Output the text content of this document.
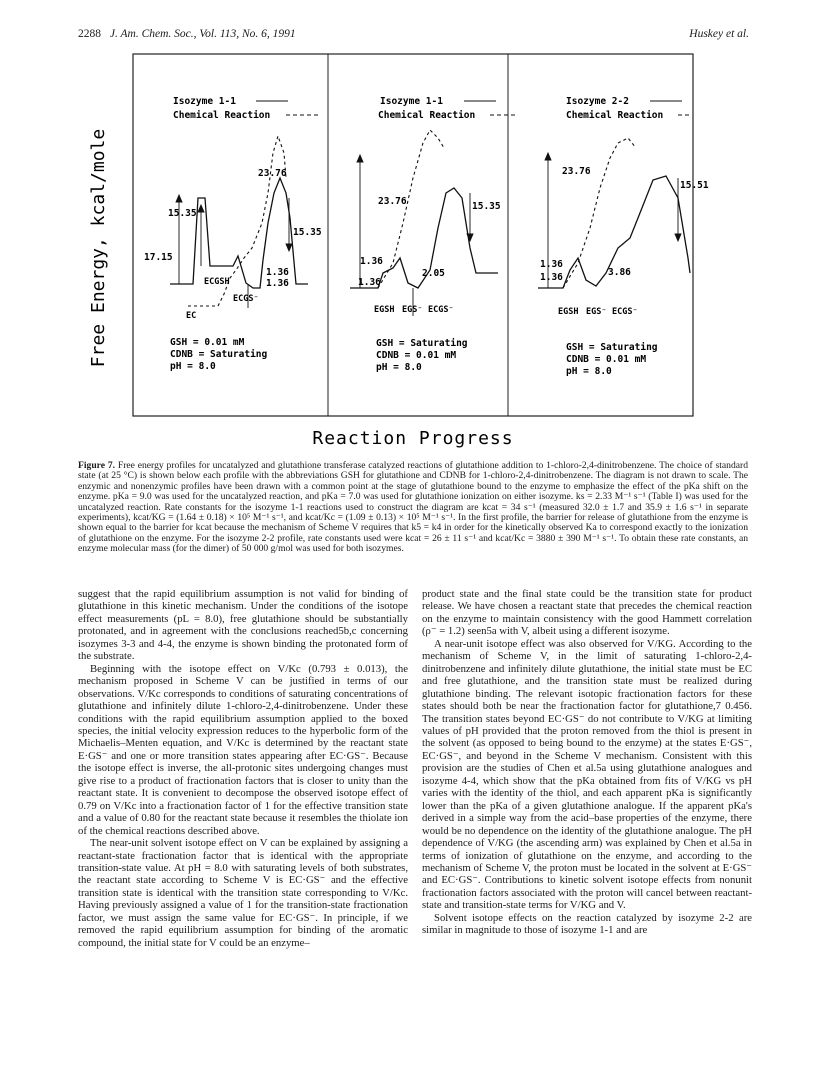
2288 J. Am. Chem. Soc., Vol. 113, No. 6, 1991	Huskey et al.
Free Energy, kcal/mole
Isozyme 1-1
Chemical Reaction
23.76
15.35
15.35
17.15
1.36
1.36
ECGSH
ECGS⁻
EC
GSH = 0.01 mM
CDNB = Saturating
pH = 8.0
Isozyme 1-1
Chemical Reaction
23.76	15.35
1.36
2.05
1.36
EGSH EGS⁻ ECGS⁻
GSH = Saturating
CDNB = 0.01 mM
pH = 8.0
Isozyme 2-2
Chemical Reaction
23.76
15.51
1.36
3.86
1.36
EGSH EGS⁻ ECGS⁻
GSH = Saturating
CDNB = 0.01 mM
pH = 8.0
Reaction Progress
Figure 7. Free energy profiles for uncatalyzed and glutathione transferase catalyzed reactions of glutathione addition to 1-chloro-2,4-dinitrobenzene. The choice of standard state (at 25 °C) is shown below each profile with the abbreviations GSH for glutathione and CDNB for 1-chloro-2,4-dinitrobenzene. The diagram is not drawn to scale. The enzymic and nonenzymic profiles have been drawn with a common point at the stage of glutathione bound to the enzyme to emphasize the effect of the pKa shift on the enzyme. pKa = 9.0 was used for the uncatalyzed reaction, and pKa = 7.0 was used for glutathione ionization on either isozyme. ks = 2.33 M⁻¹ s⁻¹ (Table I) was used for the uncatalyzed reaction. Rate constants for the isozyme 1-1 reactions used to construct the diagram are kcat = 34 s⁻¹ (measured 32.0 ± 1.7 and 35.9 ± 1.6 s⁻¹ in separate experiments), kcat/KG = (1.64 ± 0.18) × 10⁵ M⁻¹ s⁻¹, and kcat/Kc = (1.09 ± 0.13) × 10⁵ M⁻¹ s⁻¹. In the first profile, the barrier for release of glutathione from the enzyme is shown equal to the barrier for kcat because the mechanism of Scheme V requires that k5 = k4 in order for the kinetically observed Ka to correspond exactly to the ionization of glutathione on the enzyme. For the isozyme 2-2 profile, rate constants used were kcat = 26 ± 11 s⁻¹ and kcat/Kc = 3880 ± 390 M⁻¹ s⁻¹. To obtain these rate constants, an enzyme molecular mass (for the dimer) of 50 000 g/mol was used for both isozymes.

suggest that the rapid equilibrium assumption is not valid for binding of glutathione in this kinetic mechanism. Under the conditions of the isotope effect measurements (pL = 8.0), free glutathione should be substantially protonated, and in agreement with the conclusions reached5b,c concerning isozymes 3-3 and 4-4, the enzyme is shown binding the protonated form of the substrate.

Beginning with the isotope effect on V/Kc (0.793 ± 0.013), the mechanism proposed in Scheme V can be justified in terms of our observations. V/Kc corresponds to conditions of saturating concentrations of glutathione and infinitely dilute 1-chloro-2,4-dinitrobenzene. Under these conditions with the rapid equilibrium assumption applied to the boxed species, the initial velocity expression reduces to the hyperbolic form of the Michaelis–Menten equation, and V/Kc is determined by the reactant state E·GS⁻ and one or more transition states appearing after EC·GS⁻. Because the isotope effect is inverse, the all-protonic sites undergoing changes must give rise to a product of fractionation factors that is closer to unity than the reactant state. It is convenient to decompose the observed isotope effect of 0.79 on V/Kc into a fractionation factor of 1 for the effective transition state and a value of 0.80 for the reactant state because it resembles the thiolate ion of the chemical reactions described above.

The near-unit solvent isotope effect on V can be explained by assigning a reactant-state fractionation factor that is identical with the appropriate transition-state value. At pH = 8.0 with saturating levels of both substrates, the reactant state according to Scheme V is EC·GS⁻ and the effective transition state is identical with the transition state corresponding to V/Kc. Having previously assigned a value of 1 for the transition-state fractionation factor, we must assign the same value for EC·GS⁻. In principle, if we removed the rapid equilibrium assumption for binding of the aromatic compound, the initial state for V could be an enzyme–

product state and the final state could be the transition state for product release. We have chosen a reactant state that precedes the chemical reaction on the enzyme to maintain consistency with the good Hammett correlation (ρ⁻ = 1.2) seen5a with V, albeit using a different isozyme.

A near-unit isotope effect was also observed for V/KG. According to the mechanism of Scheme V, in the limit of saturating 1-chloro-2,4-dinitrobenzene and infinitely dilute glutathione, the initial state must be EC and free glutathione, and the transition state must be realized during glutathione binding. The relevant isotopic fractionation factors for these states should both be near the fractionation factor for glutathione,7 0.456. The transition states beyond EC·GS⁻ do not contribute to V/KG at limiting values of pH provided that the proton removed from the thiol is present in the solvent (as opposed to being bound to the enzyme) at the states E·GS⁻, EC·GS⁻, and beyond in the Scheme V mechanism. Consistent with this provision are the studies of Chen et al.5a using glutathione analogues and isozyme 4-4, which show that the pKa obtained from fits of V/KG vs pH varies with the identity of the thiol, and each apparent pKa is significantly lower than the pKa of a given glutathione analogue. If the apparent pKa's derived in a simple way from the acid–base properties of the enzyme, there would be no dependence on the identity of the glutathione analogue. The pH dependence of V/KG (the ascending arm) was explained by Chen et al.5a in terms of ionization of glutathione on the enzyme, and according to the mechanism of Scheme V, the proton must be located in the solvent at E·GS⁻ and EC·GS⁻. Contributions to kinetic solvent isotope effects from nonunit fractionation factors associated with the proton will cancel between reactant-state and transition-state terms for V/KG and V.

Solvent isotope effects on the reaction catalyzed by isozyme 2-2 are similar in magnitude to those of isozyme 1-1 and are
